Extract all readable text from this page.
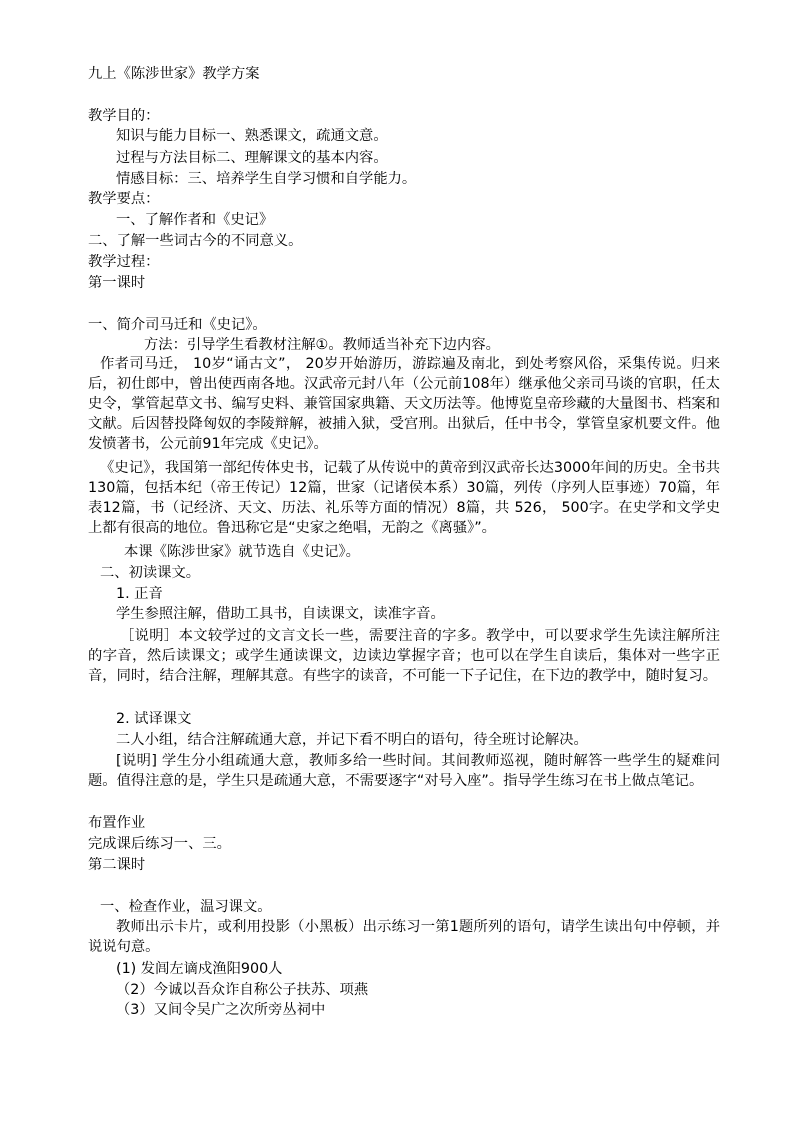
九上《陈涉世家》教学方案

教学目的：

知识与能力目标一、熟悉课文，疏通文意。

过程与方法目标二、理解课文的基本内容。

情感目标：三、培养学生自学习惯和自学能力。

教学要点：

一、了解作者和《史记》

二、了解一些词古今的不同意义。

教学过程：

第一课时

一、简介司马迁和《史记》。

方法：引导学生看教材注解①。教师适当补充下边内容。

作者司马迁， 10岁“诵古文”， 20岁开始游历，游踪遍及南北，到处考察风俗，采集传说。归来后，初仕郎中，曾出使西南各地。汉武帝元封八年（公元前108年）继承他父亲司马谈的官职，任太史令，掌管起草文书、编写史料、兼管国家典籍、天文历法等。他博览皇帝珍藏的大量图书、档案和文献。后因替投降匈奴的李陵辩解，被捕入狱，受宫刑。出狱后，任中书令，掌管皇家机要文件。他发愤著书，公元前91年完成《史记》。

《史记》，我国第一部纪传体史书，记载了从传说中的黄帝到汉武帝长达3000年间的历史。全书共130篇，包括本纪（帝王传记）12篇，世家（记诸侯本系）30篇，列传（序列人臣事迹）70篇，年表12篇，书（记经济、天文、历法、礼乐等方面的情况）8篇，共 526， 500字。在史学和文学史上都有很高的地位。鲁迅称它是“史家之绝唱，无韵之《离骚》”。

本课《陈涉世家》就节选自《史记》。

二、初读课文。

1. 正音

学生参照注解，借助工具书，自读课文，读准字音。

［说明］本文较学过的文言文长一些，需要注音的字多。教学中，可以要求学生先读注解所注的字音，然后读课文；或学生通读课文，边读边掌握字音；也可以在学生自读后，集体对一些字正音，同时，结合注解，理解其意。有些字的读音，不可能一下子记住，在下边的教学中，随时复习。

2. 试译课文

二人小组，结合注解疏通大意，并记下看不明白的语句，待全班讨论解决。

[说明] 学生分小组疏通大意，教师多给一些时间。其间教师巡视，随时解答一些学生的疑难问题。值得注意的是，学生只是疏通大意，不需要逐字“对号入座”。指导学生练习在书上做点笔记。

布置作业

完成课后练习一、三。

第二课时

一、检查作业，温习课文。

教师出示卡片，或利用投影（小黑板）出示练习一第1题所列的语句，请学生读出句中停顿，并说说句意。

(1) 发闾左谪戍渔阳900人

（2）今诚以吾众诈自称公子扶苏、项燕

（3）又间令吴广之次所旁丛祠中
